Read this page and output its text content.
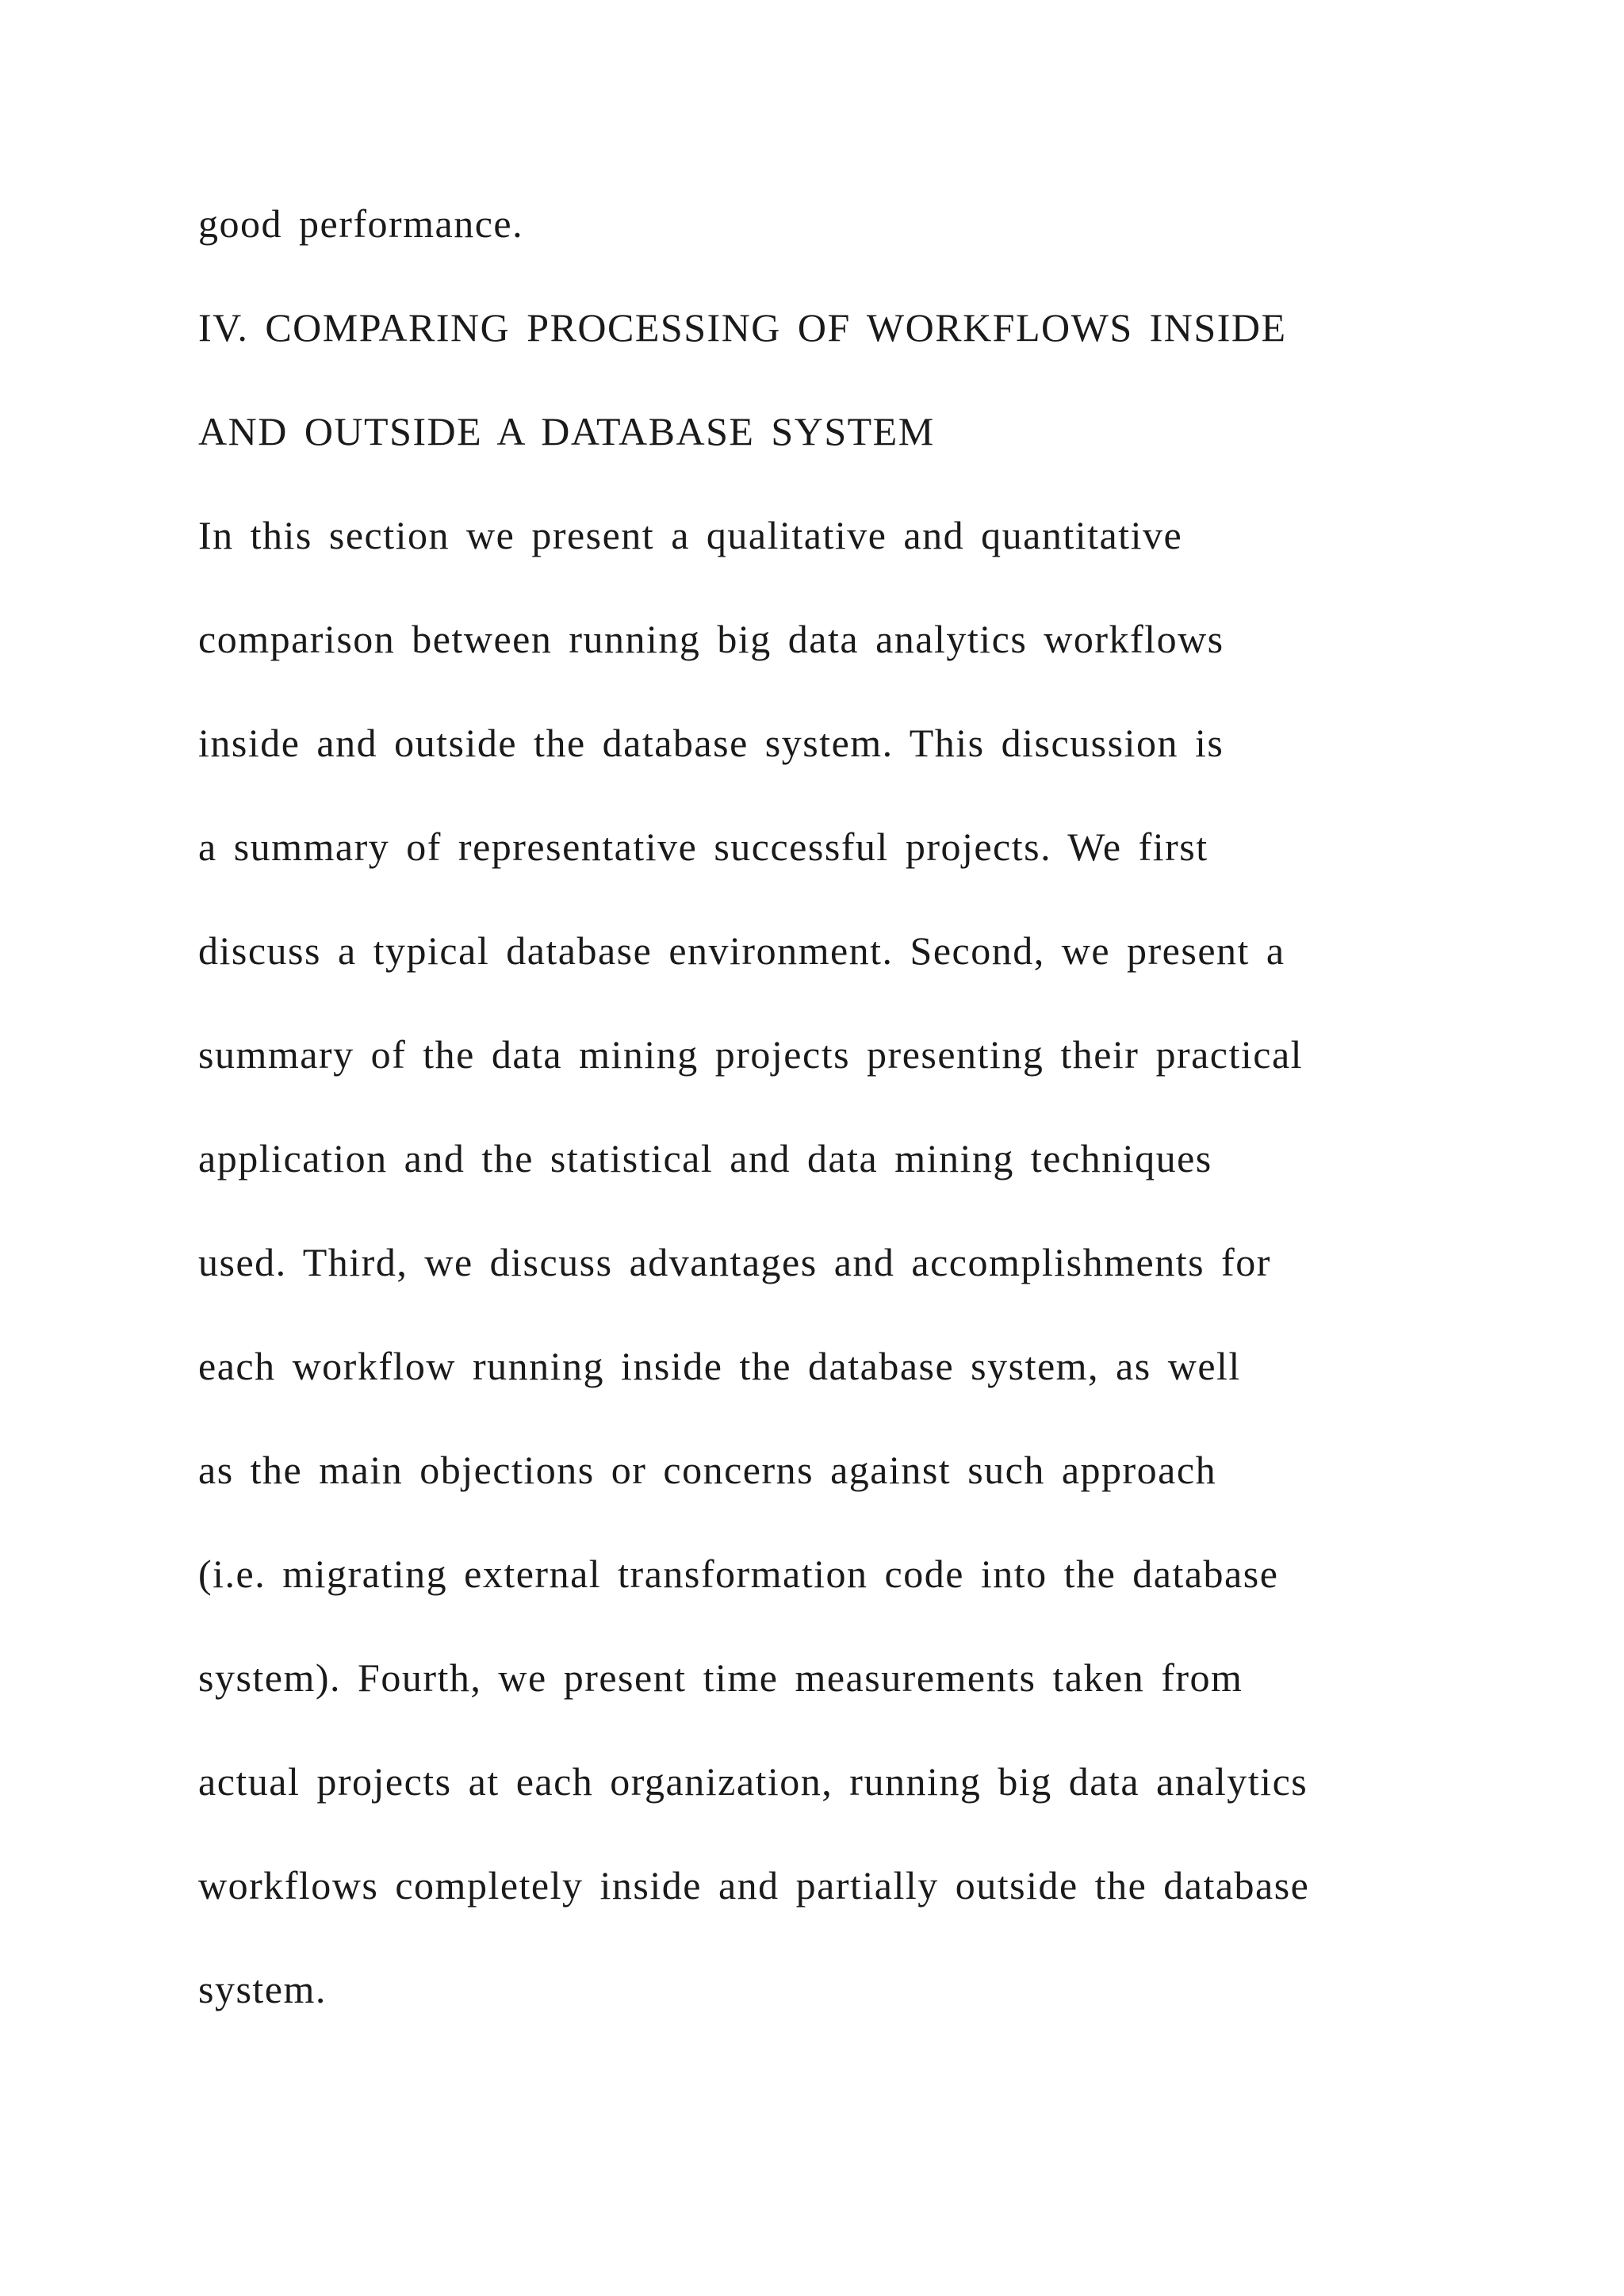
good performance.

IV. COMPARING PROCESSING OF WORKFLOWS INSIDE

AND OUTSIDE A DATABASE SYSTEM

In this section we present a qualitative and quantitative

comparison between running big data analytics workflows

inside and outside the database system. This discussion is

a summary of representative successful projects. We first

discuss a typical database environment. Second, we present a

summary of the data mining projects presenting their practical

application and the statistical and data mining techniques

used. Third, we discuss advantages and accomplishments for

each workflow running inside the database system, as well

as the main objections or concerns against such approach

(i.e. migrating external transformation code into the database

system). Fourth, we present time measurements taken from

actual projects at each organization, running big data analytics

workflows completely inside and partially outside the database

system.
